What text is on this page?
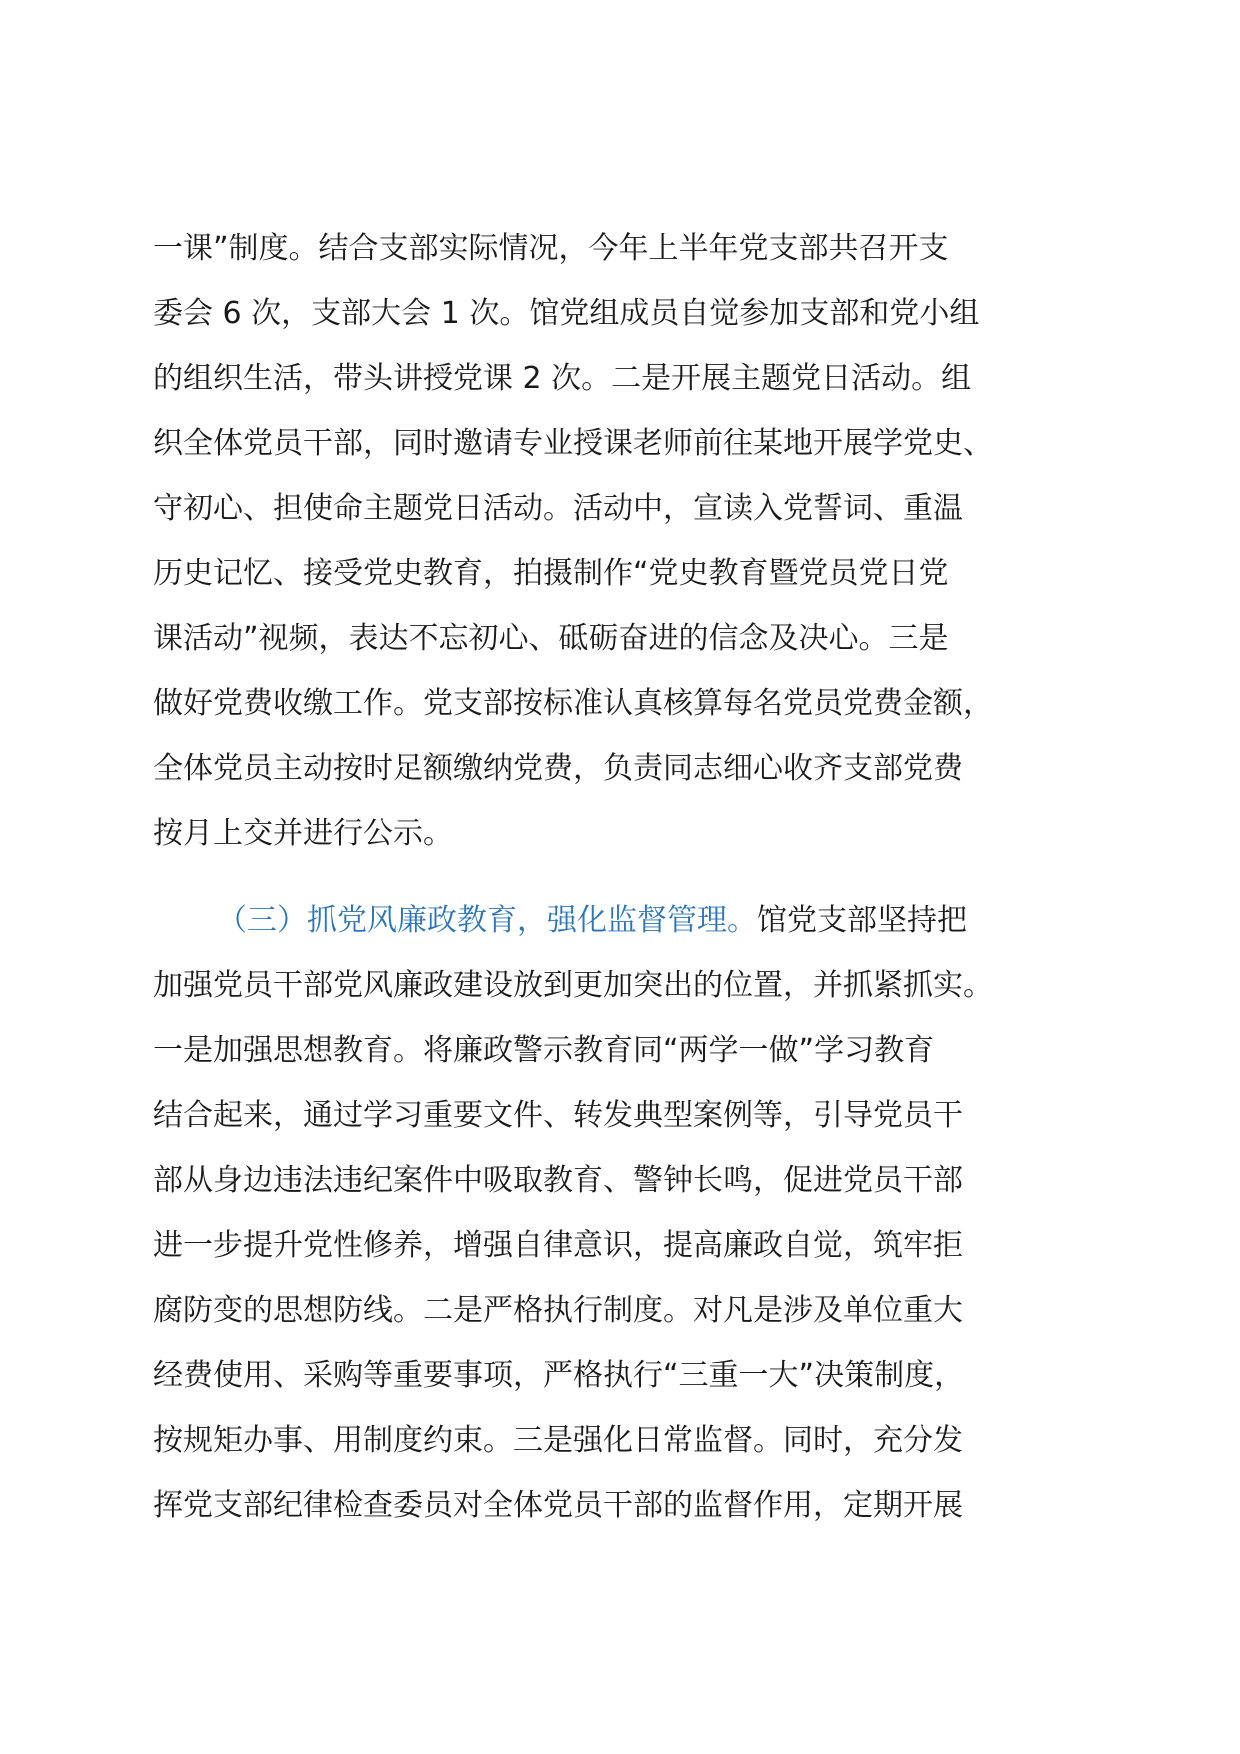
一课”制度。结合支部实际情况，今年上半年党支部共召开支
委会 6 次，支部大会 1 次。馆党组成员自觉参加支部和党小组
的组织生活，带头讲授党课 2 次。二是开展主题党日活动。组
织全体党员干部，同时邀请专业授课老师前往某地开展学党史、
守初心、担使命主题党日活动。活动中，宣读入党誓词、重温
历史记忆、接受党史教育，拍摄制作“党史教育暨党员党日党
课活动”视频，表达不忘初心、砥砺奋进的信念及决心。三是
做好党费收缴工作。党支部按标准认真核算每名党员党费金额，
全体党员主动按时足额缴纳党费，负责同志细心收齐支部党费
按月上交并进行公示。
（三）抓党风廉政教育，强化监督管理。馆党支部坚持把
加强党员干部党风廉政建设放到更加突出的位置，并抓紧抓实。
一是加强思想教育。将廉政警示教育同“两学一做”学习教育
结合起来，通过学习重要文件、转发典型案例等，引导党员干
部从身边违法违纪案件中吸取教育、警钟长鸣，促进党员干部
进一步提升党性修养，增强自律意识，提高廉政自觉，筑牢拒
腐防变的思想防线。二是严格执行制度。对凡是涉及单位重大
经费使用、采购等重要事项，严格执行“三重一大”决策制度，
按规矩办事、用制度约束。三是强化日常监督。同时，充分发
挥党支部纪律检查委员对全体党员干部的监督作用，定期开展
